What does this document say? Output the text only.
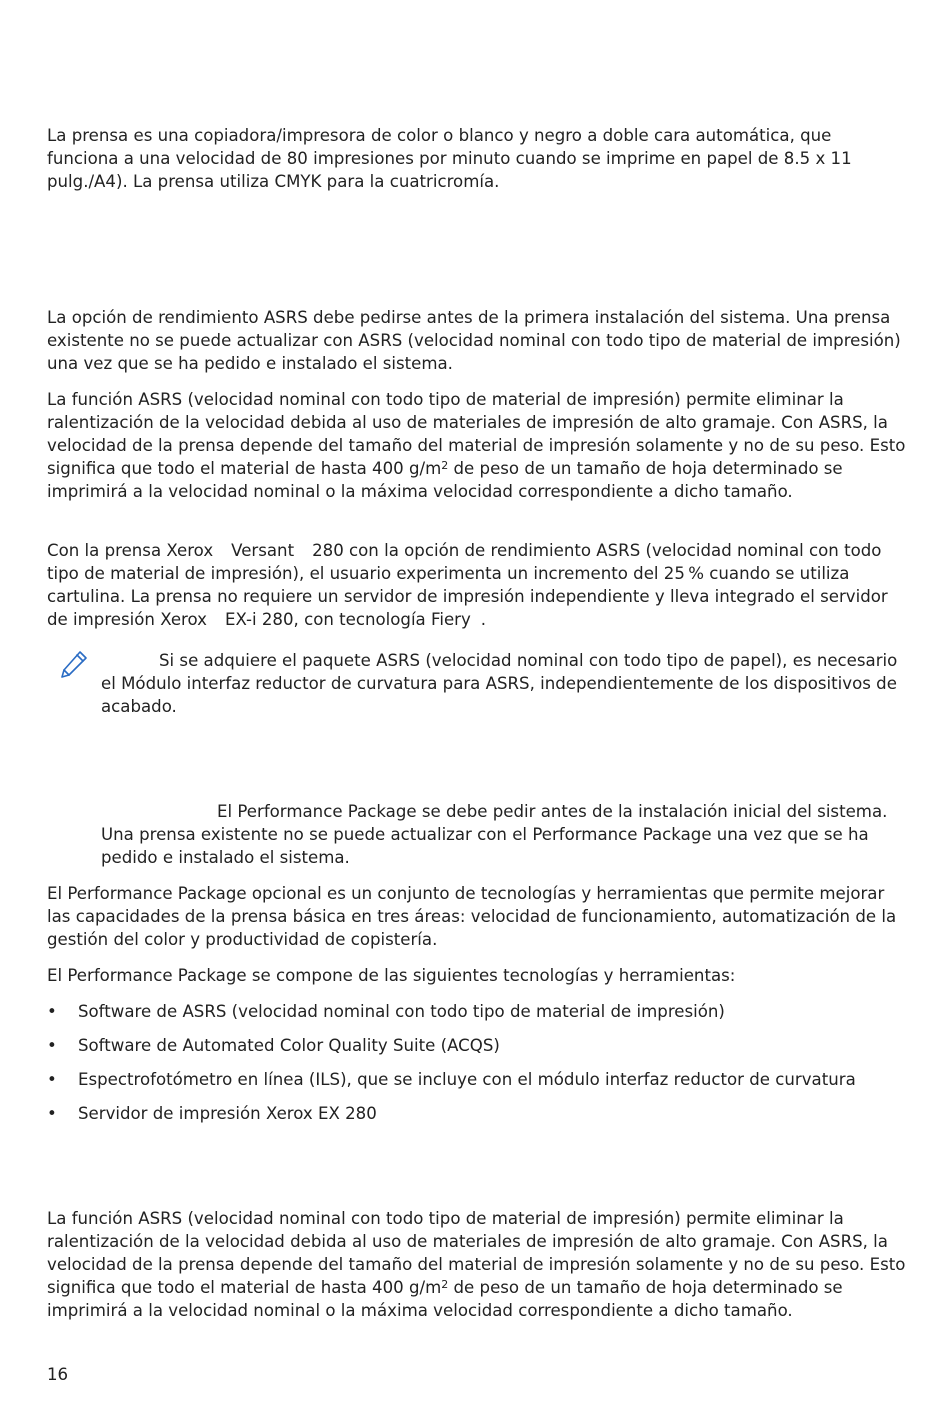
La prensa es una copiadora/impresora de color o blanco y negro a doble cara automática, que funciona a una velocidad de 80 impresiones por minuto cuando se imprime en papel de 8.5 x 11 pulg./A4). La prensa utiliza CMYK para la cuatricromía.

La opción de rendimiento ASRS debe pedirse antes de la primera instalación del sistema. Una prensa existente no se puede actualizar con ASRS (velocidad nominal con todo tipo de material de impresión) una vez que se ha pedido e instalado el sistema.

La función ASRS (velocidad nominal con todo tipo de material de impresión) permite eliminar la ralentización de la velocidad debida al uso de materiales de impresión de alto gramaje. Con ASRS, la velocidad de la prensa depende del tamaño del material de impresión solamente y no de su peso. Esto significa que todo el material de hasta 400 $g/m^2$ de peso de un tamaño de hoja determinado se imprimirá a la velocidad nominal o la máxima velocidad correspondiente a dicho tamaño.

Con la prensa Xerox Versant 280 con la opción de rendimiento ASRS (velocidad nominal con todo tipo de material de impresión), el usuario experimenta un incremento del 25 % cuando se utiliza cartulina. La prensa no requiere un servidor de impresión independiente y lleva integrado el servidor de impresión Xerox EX-i 280, con tecnología Fiery .

Si se adquiere el paquete ASRS (velocidad nominal con todo tipo de papel), es necesario el Módulo interfaz reductor de curvatura para ASRS, independientemente de los dispositivos de acabado.

El Performance Package se debe pedir antes de la instalación inicial del sistema. Una prensa existente no se puede actualizar con el Performance Package una vez que se ha pedido e instalado el sistema.

El Performance Package opcional es un conjunto de tecnologías y herramientas que permite mejorar las capacidades de la prensa básica en tres áreas: velocidad de funcionamiento, automatización de la gestión del color y productividad de copistería.

El Performance Package se compone de las siguientes tecnologías y herramientas:

• Software de ASRS (velocidad nominal con todo tipo de material de impresión)

• Software de Automated Color Quality Suite (ACQS)

• Espectrofotómetro en línea (ILS), que se incluye con el módulo interfaz reductor de curvatura

• Servidor de impresión Xerox EX 280

La función ASRS (velocidad nominal con todo tipo de material de impresión) permite eliminar la ralentización de la velocidad debida al uso de materiales de impresión de alto gramaje. Con ASRS, la velocidad de la prensa depende del tamaño del material de impresión solamente y no de su peso. Esto significa que todo el material de hasta 400 $g/m^2$ de peso de un tamaño de hoja determinado se imprimirá a la velocidad nominal o la máxima velocidad correspondiente a dicho tamaño.

16
